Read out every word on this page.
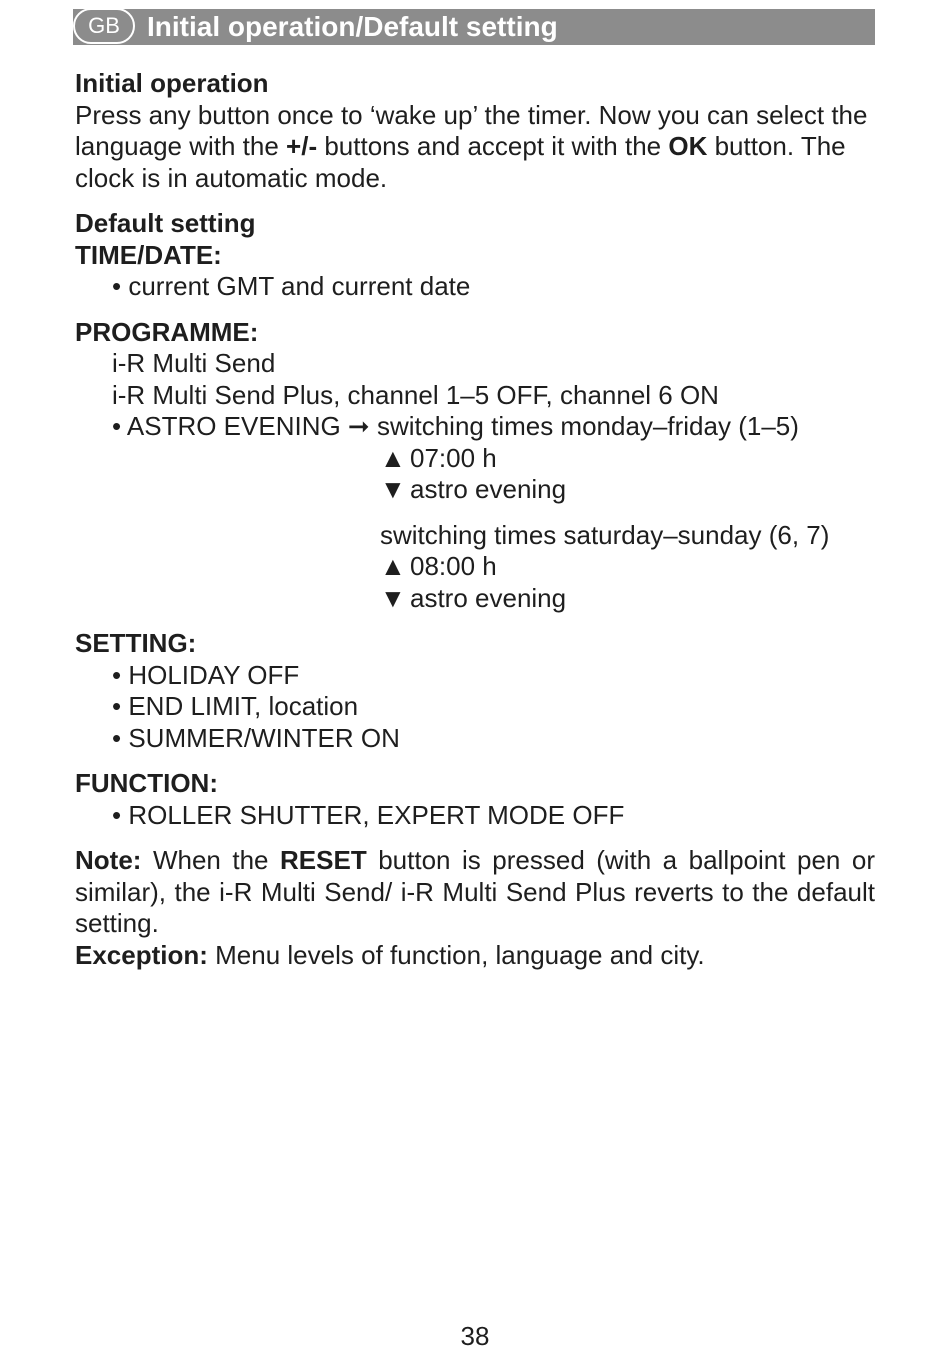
GB Initial operation/Default setting
Initial operation

Press any button once to ‘wake up’ the timer. Now you can select the language with the +/- buttons and accept it with the OK button. The clock is in automatic mode.

Default setting
TIME/DATE:
• current GMT and current date
PROGRAMME:
i-R Multi Send
i-R Multi Send Plus, channel 1–5 OFF, channel 6 ON
• ASTRO EVENING ➞ switching times monday–friday (1–5)
▲ 07:00 h
▼ astro evening
switching times saturday–sunday (6, 7)
▲ 08:00 h
▼ astro evening
SETTING:
• HOLIDAY OFF
• END LIMIT, location
• SUMMER/WINTER ON
FUNCTION:
• ROLLER SHUTTER, EXPERT MODE OFF

Note: When the RESET button is pressed (with a ballpoint pen or similar), the i-R Multi Send/ i-R Multi Send Plus reverts to the default setting.

Exception: Menu levels of function, language and city.

38
